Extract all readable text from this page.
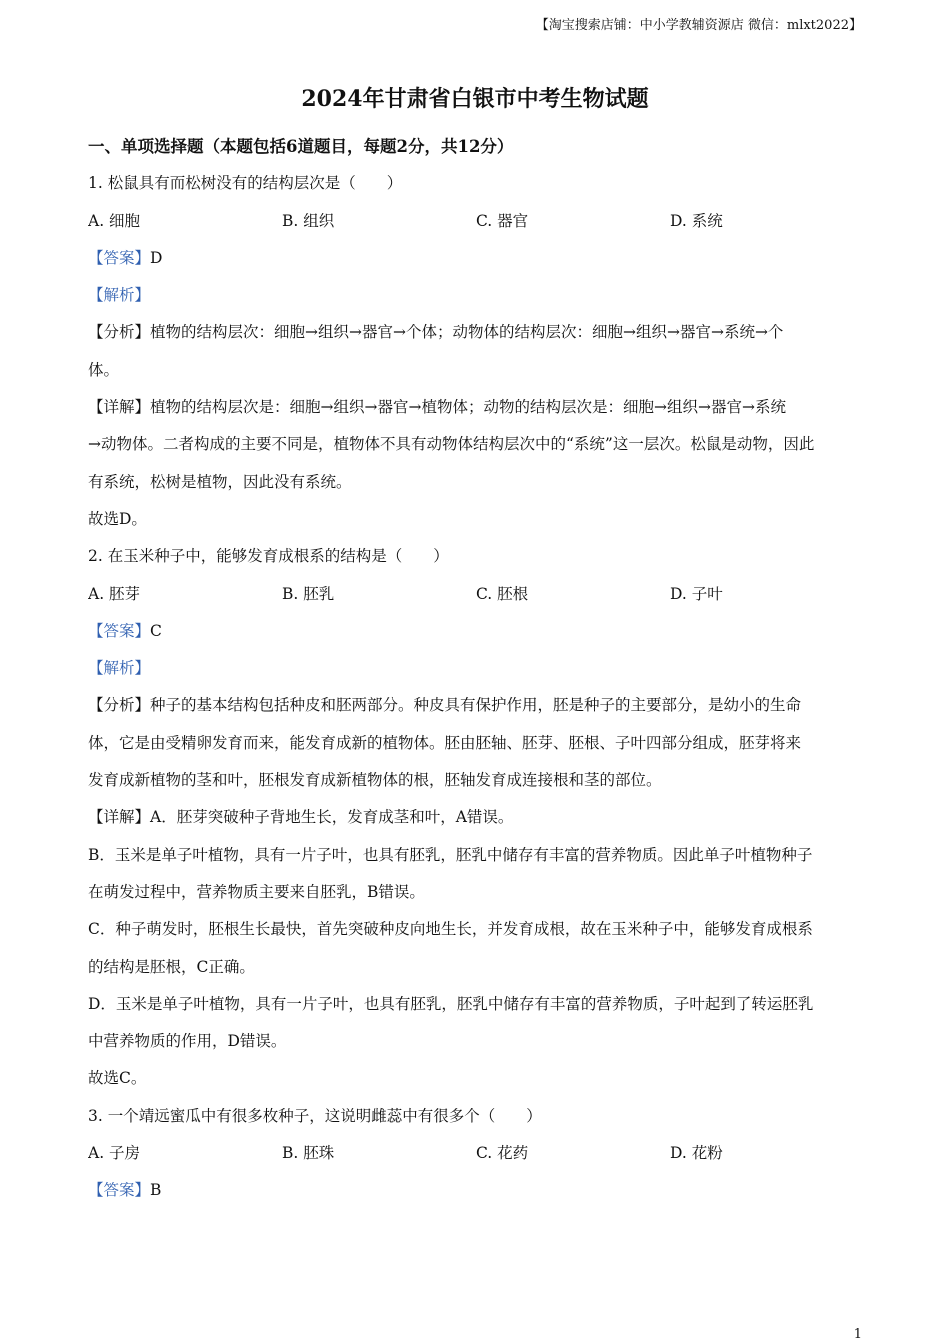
【淘宝搜索店铺：中小学教辅资源店 微信：mlxt2022】
2024年甘肃省白银市中考生物试题
一、单项选择题（本题包括6道题目，每题2分，共12分）
1. 松鼠具有而松树没有的结构层次是（　　）
A. 细胞	B. 组织	C. 器官	D. 系统
【答案】D
【解析】
【分析】植物的结构层次：细胞→组织→器官→个体；动物体的结构层次：细胞→组织→器官→系统→个
体。
【详解】植物的结构层次是：细胞→组织→器官→植物体；动物的结构层次是：细胞→组织→器官→系统
→动物体。二者构成的主要不同是，植物体不具有动物体结构层次中的“系统”这一层次。松鼠是动物，因此
有系统，松树是植物，因此没有系统。
故选D。
2. 在玉米种子中，能够发育成根系的结构是（　　）
A. 胚芽	B. 胚乳	C. 胚根	D. 子叶
【答案】C
【解析】
【分析】种子的基本结构包括种皮和胚两部分。种皮具有保护作用，胚是种子的主要部分，是幼小的生命
体，它是由受精卵发育而来，能发育成新的植物体。胚由胚轴、胚芽、胚根、子叶四部分组成，胚芽将来
发育成新植物的茎和叶，胚根发育成新植物体的根，胚轴发育成连接根和茎的部位。
【详解】A．胚芽突破种子背地生长，发育成茎和叶，A错误。
B．玉米是单子叶植物，具有一片子叶，也具有胚乳，胚乳中储存有丰富的营养物质。因此单子叶植物种子
在萌发过程中，营养物质主要来自胚乳，B错误。
C．种子萌发时，胚根生长最快，首先突破种皮向地生长，并发育成根，故在玉米种子中，能够发育成根系
的结构是胚根，C正确。
D．玉米是单子叶植物，具有一片子叶，也具有胚乳，胚乳中储存有丰富的营养物质，子叶起到了转运胚乳
中营养物质的作用，D错误。
故选C。
3. 一个靖远蜜瓜中有很多枚种子，这说明雌蕊中有很多个（　　）
A. 子房	B. 胚珠	C. 花药	D. 花粉
【答案】B
1
